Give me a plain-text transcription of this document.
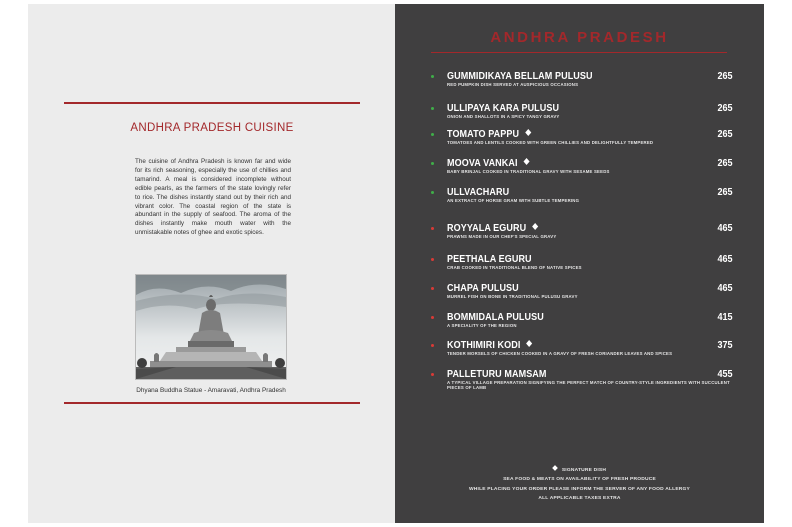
ANDHRA PRADESH CUISINE
The cuisine of Andhra Pradesh is known far and wide for its rich seasoning, especially the use of chillies and tamarind. A meal is considered incomplete without edible pearls, as the farmers of the state lovingly refer to rice. The dishes instantly stand out by their rich and vibrant color. The coastal region of the state is abundant in the supply of seafood. The aroma of the dishes instantly make mouth water with the unmistakable notes of ghee and exotic spices.
Dhyana Buddha Statue - Amaravati, Andhra Pradesh
ANDHRA PRADESH
GUMMIDIKAYA BELLAM PULUSU
RED PUMPKIN DISH SERVED AT AUSPICIOUS OCCASIONS
265
ULLIPAYA KARA PULUSU
ONION AND SHALLOTS IN A SPICY TANGY GRAVY
265
TOMATO PAPPU
TOMATOES AND LENTILS COOKED WITH GREEN CHILLIES AND DELIGHTFULLY TEMPERED
265
MOOVA VANKAI
BABY BRINJAL COOKED IN TRADITIONAL GRAVY WITH SESAME SEEDS
265
ULLVACHARU
AN EXTRACT OF HORSE GRAM WITH SUBTLE TEMPERING
265
ROYYALA EGURU
PRAWNS MADE IN OUR CHEF'S SPECIAL GRAVY
465
PEETHALA EGURU
CRAB COOKED IN TRADITIONAL BLEND OF NATIVE SPICES
465
CHAPA PULUSU
MURREL FISH ON BONE IN TRADITIONAL PULUSU GRAVY
465
BOMMIDALA PULUSU
A SPECIALITY OF THE REGION
415
KOTHIMIRI KODI
TENDER MORSELS OF CHICKEN COOKED IN A GRAVY OF FRESH CORIANDER LEAVES AND SPICES
375
PALLETURU MAMSAM
A TYPICAL VILLAGE PREPARATION SIGNIFYING THE PERFECT MATCH OF COUNTRY-STYLE INGREDIENTS WITH SUCCULENT PIECES OF LAMB
455
SIGNATURE DISH
SEA FOOD & MEATS ON AVAILABILITY OF FRESH PRODUCE
WHILE PLACING YOUR ORDER PLEASE INFORM THE SERVER OF ANY FOOD ALLERGY
ALL APPLICABLE TAXES EXTRA
